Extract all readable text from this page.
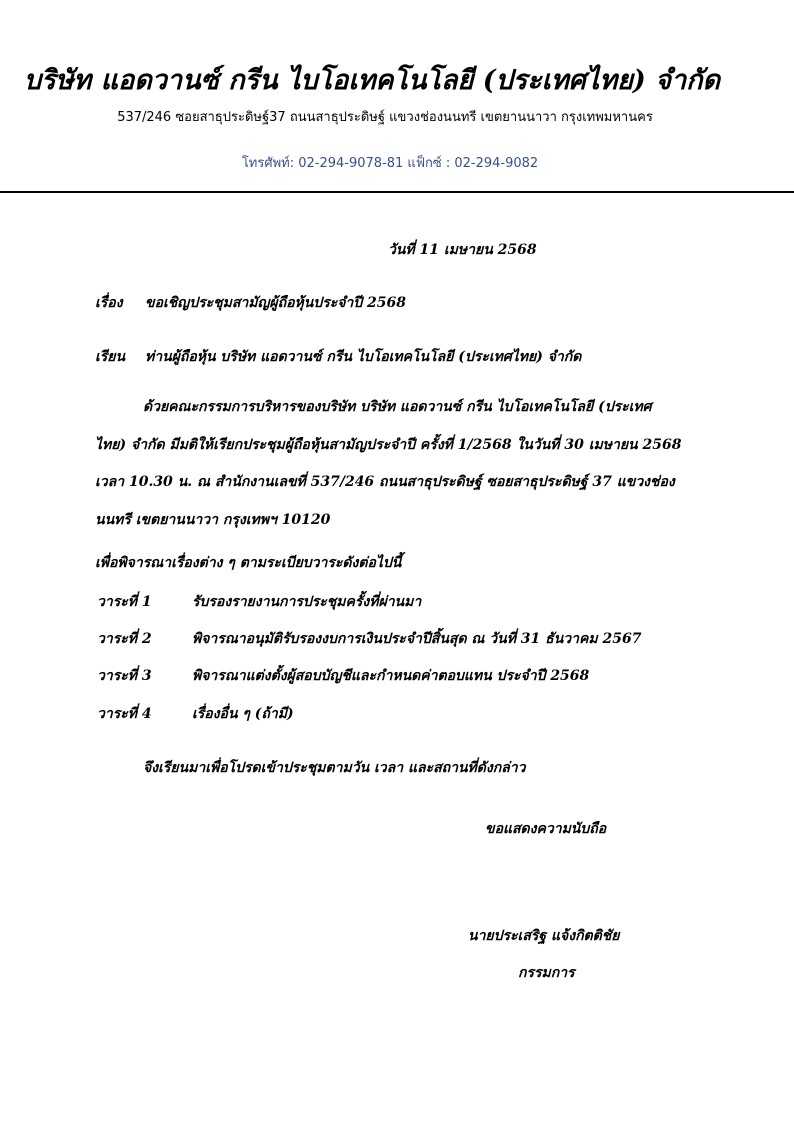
บริษัท แอดวานซ์ กรีน ไบโอเทคโนโลยี (ประเทศไทย) จำกัด
537/246 ซอยสาธุประดิษฐ์37 ถนนสาธุประดิษฐ์ แขวงช่องนนทรี เขตยานนาวา กรุงเทพมหานคร
โทรศัพท์: 02-294-9078-81 แฟ็กซ์ : 02-294-9082
วันที่ 11 เมษายน 2568
เรื่อง ขอเชิญประชุมสามัญผู้ถือหุ้นประจำปี 2568
เรียน ท่านผู้ถือหุ้น บริษัท แอดวานซ์ กรีน ไบโอเทคโนโลยี (ประเทศไทย) จำกัด
ด้วยคณะกรรมการบริหารของบริษัท บริษัท แอดวานซ์ กรีน ไบโอเทคโนโลยี (ประเทศ
ไทย) จำกัด มีมติให้เรียกประชุมผู้ถือหุ้นสามัญประจำปี ครั้งที่ 1/2568 ในวันที่ 30 เมษายน 2568
เวลา 10.30 น. ณ สำนักงานเลขที่ 537/246 ถนนสาธุประดิษฐ์ ซอยสาธุประดิษฐ์ 37 แขวงช่อง
นนทรี เขตยานนาวา กรุงเทพฯ 10120
เพื่อพิจารณาเรื่องต่าง ๆ ตามระเบียบวาระดังต่อไปนี้
วาระที่ 1	รับรองรายงานการประชุมครั้งที่ผ่านมา
วาระที่ 2	พิจารณาอนุมัติรับรองงบการเงินประจำปีสิ้นสุด ณ วันที่ 31 ธันวาคม 2567
วาระที่ 3	พิจารณาแต่งตั้งผู้สอบบัญชีและกำหนดค่าตอบแทน ประจำปี 2568
วาระที่ 4	เรื่องอื่น ๆ (ถ้ามี)
จึงเรียนมาเพื่อโปรดเข้าประชุมตามวัน เวลา และสถานที่ดังกล่าว
ขอแสดงความนับถือ
นายประเสริฐ แจ้งกิตติชัย
กรรมการ
